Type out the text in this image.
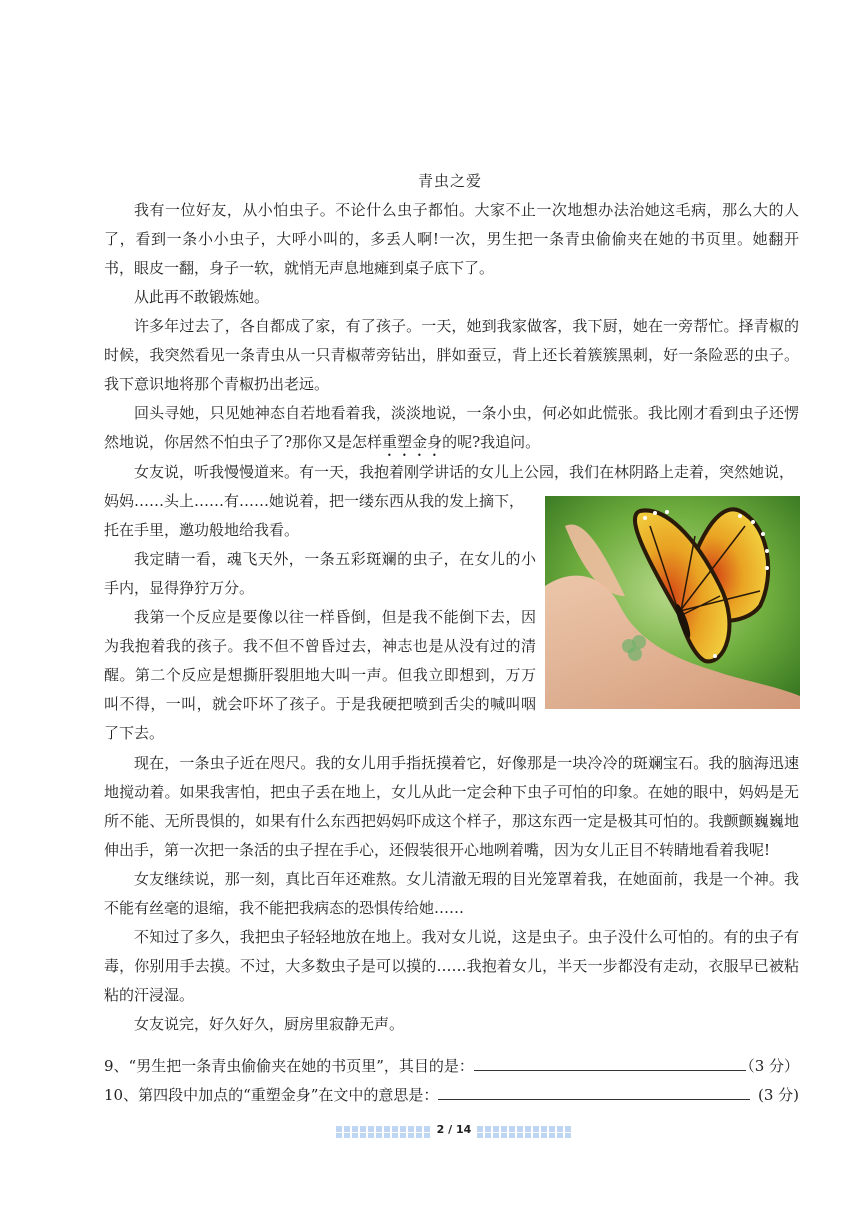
青虫之爱

我有一位好友，从小怕虫子。不论什么虫子都怕。大家不止一次地想办法治她这毛病，那么大的人了，看到一条小小虫子，大呼小叫的，多丢人啊!一次，男生把一条青虫偷偷夹在她的书页里。她翻开书，眼皮一翻，身子一软，就悄无声息地瘫到桌子底下了。

从此再不敢锻炼她。

许多年过去了，各自都成了家，有了孩子。一天，她到我家做客，我下厨，她在一旁帮忙。择青椒的时候，我突然看见一条青虫从一只青椒蒂旁钻出，胖如蚕豆，背上还长着簇簇黑刺，好一条险恶的虫子。我下意识地将那个青椒扔出老远。

回头寻她，只见她神态自若地看着我，淡淡地说，一条小虫，何必如此慌张。我比刚才看到虫子还愣然地说，你居然不怕虫子了?那你又是怎样重塑金身的呢?我追问。

女友说，听我慢慢道来。有一天，我抱着刚学讲话的女儿上公园，我们在林阴路上走着，突然她说，

妈妈……头上……有……她说着，把一缕东西从我的发上摘下，

托在手里，邀功般地给我看。

我定睛一看，魂飞天外，一条五彩斑斓的虫子，在女儿的小手内，显得狰狞万分。

我第一个反应是要像以往一样昏倒，但是我不能倒下去，因为我抱着我的孩子。我不但不曾昏过去，神志也是从没有过的清醒。第二个反应是想撕肝裂胆地大叫一声。但我立即想到，万万叫不得，一叫，就会吓坏了孩子。于是我硬把喷到舌尖的喊叫咽了下去。

现在，一条虫子近在咫尺。我的女儿用手指抚摸着它，好像那是一块冷冷的斑斓宝石。我的脑海迅速地搅动着。如果我害怕，把虫子丢在地上，女儿从此一定会种下虫子可怕的印象。在她的眼中，妈妈是无所不能、无所畏惧的，如果有什么东西把妈妈吓成这个样子，那这东西一定是极其可怕的。我颤颤巍巍地伸出手，第一次把一条活的虫子捏在手心，还假装很开心地咧着嘴，因为女儿正目不转睛地看着我呢!

女友继续说，那一刻，真比百年还难熬。女儿清澈无瑕的目光笼罩着我，在她面前，我是一个神。我不能有丝毫的退缩，我不能把我病态的恐惧传给她……

不知过了多久，我把虫子轻轻地放在地上。我对女儿说，这是虫子。虫子没什么可怕的。有的虫子有毒，你别用手去摸。不过，大多数虫子是可以摸的……我抱着女儿，半天一步都没有走动，衣服早已被粘粘的汗浸湿。

女友说完，好久好久，厨房里寂静无声。

9、“男生把一条青虫偷偷夹在她的书页里”，其目的是：	（3 分）
10、第四段中加点的“重塑金身”在文中的意思是：	(3 分)
2 / 14
